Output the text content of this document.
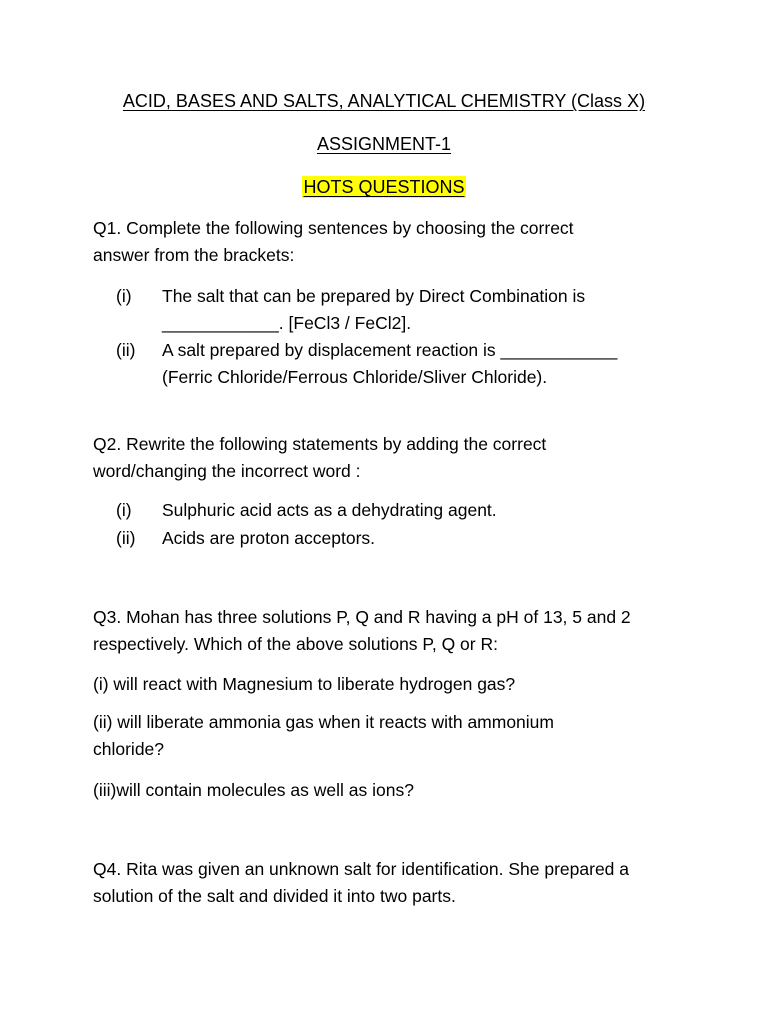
ACID, BASES AND SALTS, ANALYTICAL CHEMISTRY (Class X)
ASSIGNMENT-1
HOTS QUESTIONS
Q1. Complete the following sentences by choosing the correct
answer from the brackets:
(i) The salt that can be prepared by Direct Combination is
____________. [FeCl3 / FeCl2].
(ii) A salt prepared by displacement reaction is ____________
(Ferric Chloride/Ferrous Chloride/Sliver Chloride).
Q2. Rewrite the following statements by adding the correct
word/changing the incorrect word :
(i) Sulphuric acid acts as a dehydrating agent.
(ii) Acids are proton acceptors.
Q3. Mohan has three solutions P, Q and R having a pH of 13, 5 and 2
respectively. Which of the above solutions P, Q or R:
(i) will react with Magnesium to liberate hydrogen gas?
(ii) will liberate ammonia gas when it reacts with ammonium
chloride?
(iii)will contain molecules as well as ions?
Q4. Rita was given an unknown salt for identification. She prepared a
solution of the salt and divided it into two parts.
